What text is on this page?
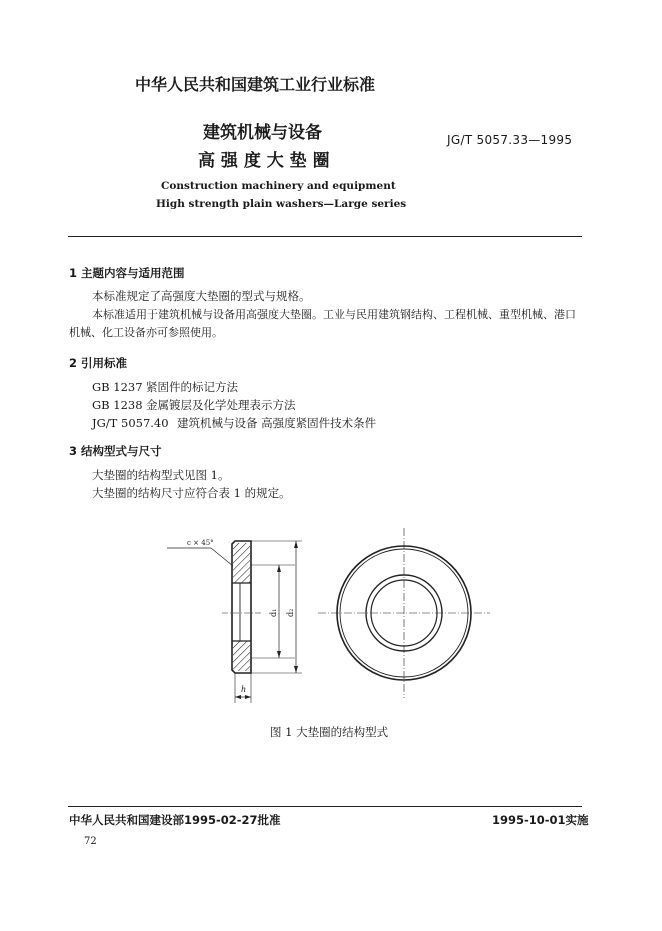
中华人民共和国建筑工业行业标准
建筑机械与设备
高 强 度 大 垫 圈
JG/T 5057.33—1995
Construction machinery and equipment
High strength plain washers—Large series
1 主题内容与适用范围
本标准规定了高强度大垫圈的型式与规格。
本标准适用于建筑机械与设备用高强度大垫圈。工业与民用建筑钢结构、工程机械、重型机械、港口
机械、化工设备亦可参照使用。
2 引用标准
GB 1237 紧固件的标记方法
GB 1238 金属镀层及化学处理表示方法
JG/T 5057.40 建筑机械与设备 高强度紧固件技术条件
3 结构型式与尺寸
大垫圈的结构型式见图 1。
大垫圈的结构尺寸应符合表 1 的规定。
c × 45°
d₁ d₂
h
图 1 大垫圈的结构型式
中华人民共和国建设部1995-02-27批准	1995-10-01实施
72
